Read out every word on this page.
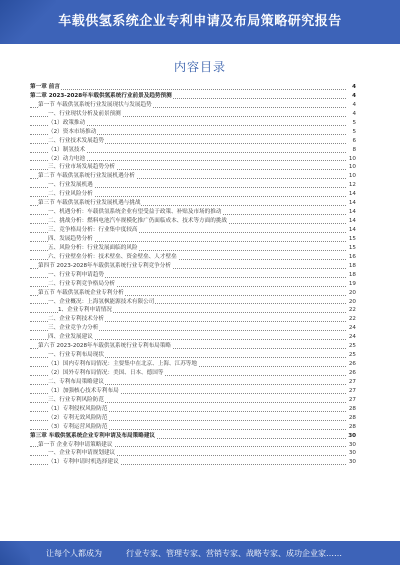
车载供氢系统企业专利申请及布局策略研究报告
内容目录
第一章 前言	4
第二章 2023-2028年车载供氢系统行业前景及趋势预测	4
第一节 车载供氢系统行业发展现状与发展趋势	4
一、行业现状分析及前景预测	4
（1）政策推动	5
（2）资本市场推动	5
二、行业技术发展趋势	6
（1）制氢技术	8
（2）动力电池	10
三、行业市场发展趋势分析	10
第二节 车载供氢系统行业发展机遇分析	10
一、行业发展机遇	12
二、行业风险分析	14
第三节 车载供氢系统行业发展机遇与挑战	14
一、机遇分析：车载供氢系统企业有望受益于政策、补贴及市场的推动	14
二、挑战分析：燃料电池汽车规模化推广仍面临成本、技术等方面的挑战	14
三、竞争格局分析：行业集中度较高	14
四、发展趋势分析	15
五、风险分析：行业发展面临的风险	15
六、行业壁垒分析：技术壁垒、资金壁垒、人才壁垒	16
第四节 2023-2028年车载供氢系统行业专利竞争分析	18
一、行业专利申请趋势	18
二、行业专利竞争格局分析	19
第五节 车载供氢系统企业专利分析	20
一、企业概况：上海氢枫能源技术有限公司	20
1、企业专利申请情况	22
二、企业专利技术分析	22
三、企业竞争力分析	24
四、企业发展建议	24
第六节 2023-2028年车载供氢系统行业专利布局策略	25
一、行业专利布局现状	25
（1）国内专利布局情况：主要集中在北京、上海、江苏等地	26
（2）国外专利布局情况：美国、日本、德国等	26
二、专利布局策略建议	27
（1）加强核心技术专利布局	27
三、行业专利风险防范	27
（1）专利侵权风险防范	28
（2）专利无效风险防范	28
（3）专利运营风险防范	28
第三章 车载供氢系统企业专利申请及布局策略建议	30
第一节 企业专利申请策略建议	30
一、企业专利申请规划建议	30
（1）专利申请时机选择建议	30
让每个人都成为	行业专家、管理专家、营销专家、战略专家、成功企业家……
